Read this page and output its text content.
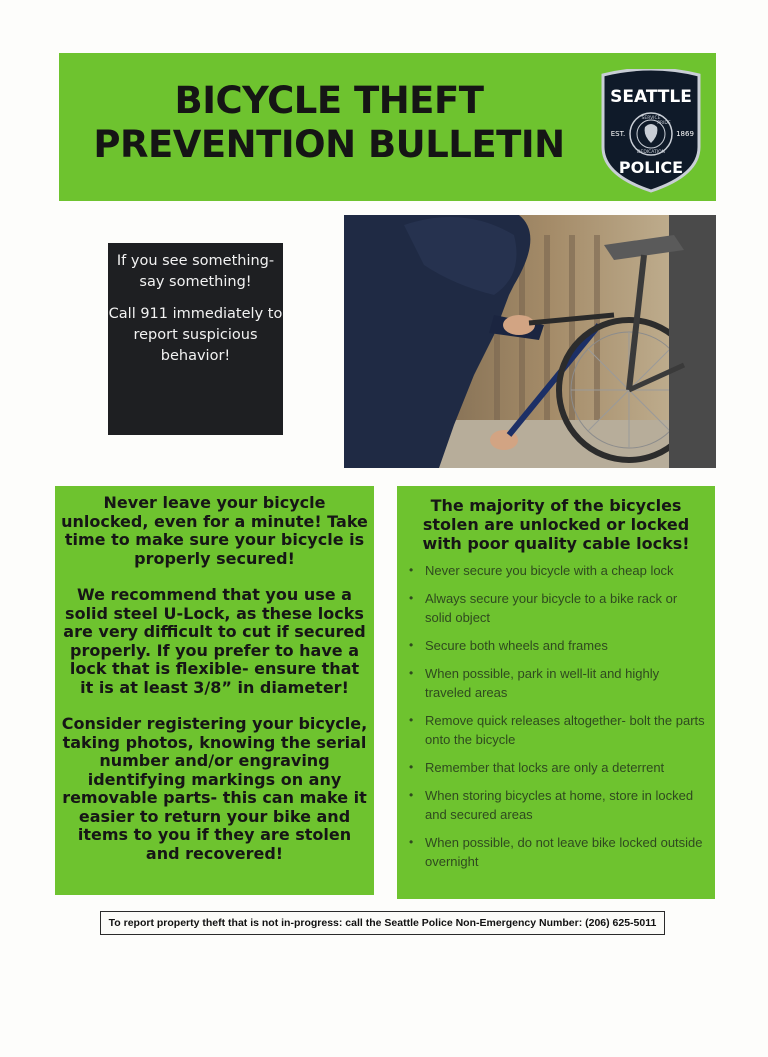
BICYCLE THEFT
PREVENTION BULLETIN
SEATTLE
SERVICE
PRIDE
DEDICATION
EST.	1869
POLICE

If you see something- say something!

Call 911 immediately to report suspicious behavior!

Never leave your bicycle unlocked, even for a minute! Take time to make sure your bicycle is properly secured!

We recommend that you use a solid steel U-Lock, as these locks are very difficult to cut if secured properly. If you prefer to have a lock that is flexible- ensure that it is at least 3/8” in diameter!

Consider registering your bicycle, taking photos, knowing the serial number and/or engraving identifying markings on any removable parts- this can make it easier to return your bike and items to you if they are stolen and recovered!

The majority of the bicycles stolen are unlocked or locked with poor quality cable locks!

• Never secure you bicycle with a cheap lock
• Always secure your bicycle to a bike rack or solid object
• Secure both wheels and frames
• When possible, park in well-lit and highly traveled areas
• Remove quick releases altogether- bolt the parts onto the bicycle
• Remember that locks are only a deterrent
• When storing bicycles at home, store in locked and secured areas
• When possible, do not leave bike locked outside overnight
To report property theft that is not in-progress: call the Seattle Police Non-Emergency Number: (206) 625-5011
